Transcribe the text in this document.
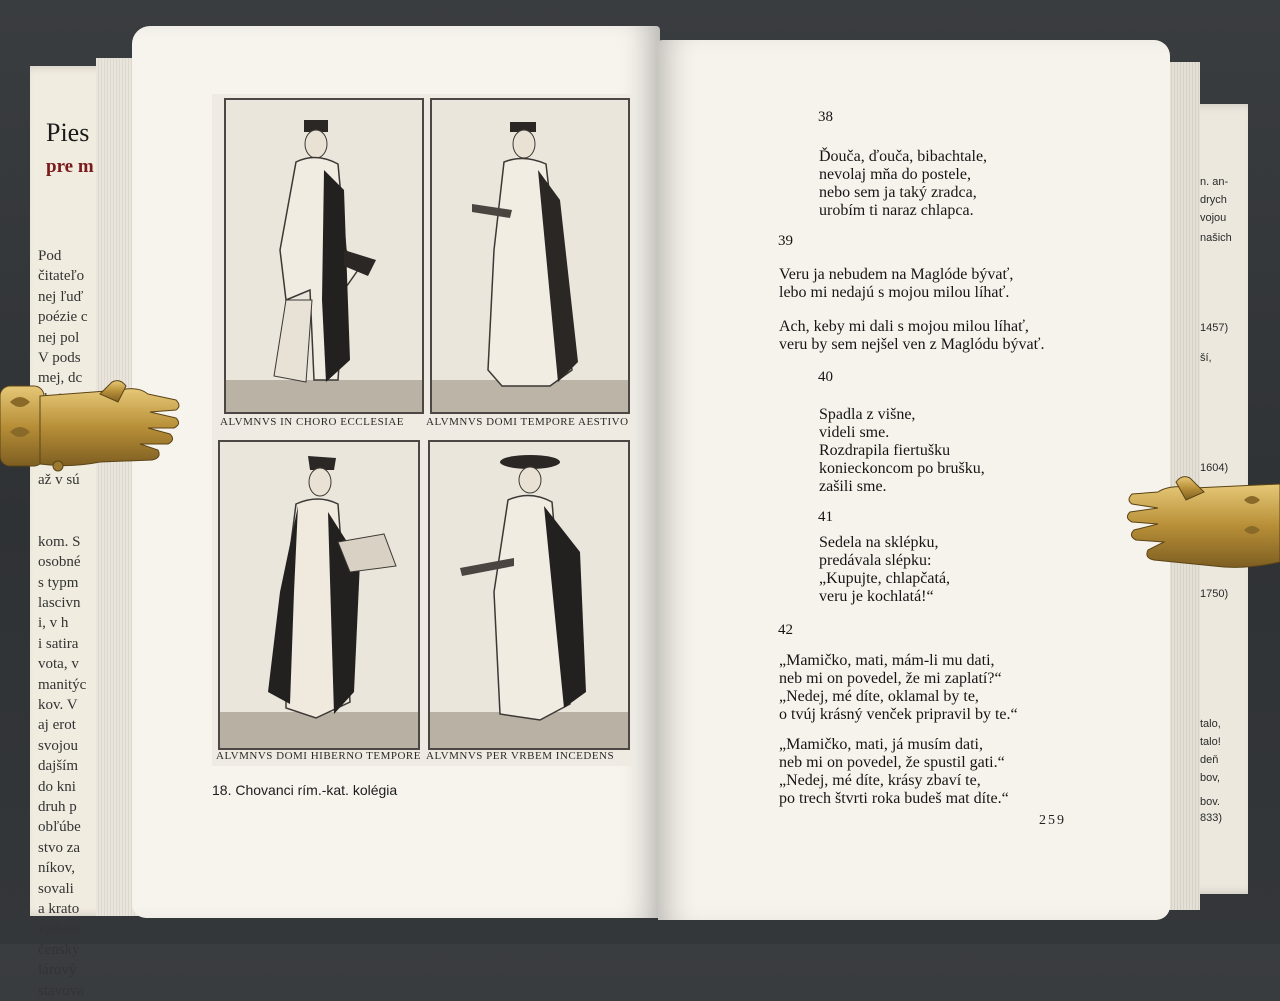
Pies
pre m
Pod
čitateľo
nej ľuď
poézie c
nej pol
V pods
mej, dc
až v sú

kom. S
osobné
s typm
lascivn
i, v h
i satira
vota, v
manitýc
kov. V
aj erot
svojou
dajším
do kni
druh p
obľúbe
stvo za
níkov,
sovali
a krato
vzdelar
čenský
lárový
stavova
n. an-
drych
vojou
našich
1457)
ší,
1604)
1750)
talo,
talo!
deň
bov,
bov.
833)
ALVMNVS IN CHORO ECCLESIAE	ALVMNVS DOMI TEMPORE AESTIVO
ALVMNVS DOMI HIBERNO TEMPORE ALVMNVS PER VRBEM INCEDENS
18. Chovanci rím.-kat. kolégia
38
Ďouča, ďouča, bibachtale,
nevolaj mňa do postele,
nebo sem ja taký zradca,
urobím ti naraz chlapca.
39
Veru ja nebudem na Maglóde bývať,
lebo mi nedajú s mojou milou líhať.
Ach, keby mi dali s mojou milou líhať,
veru by sem nejšel ven z Maglódu bývať.
40
Spadla z višne,
videli sme.
Rozdrapila fiertušku
konieckoncom po brušku,
zašili sme.
41
Sedela na sklépku,
predávala slépku:
„Kupujte, chlapčatá,
veru je kochlatá!“
42
„Mamičko, mati, mám-li mu dati,
neb mi on povedel, že mi zaplatí?“
„Nedej, mé díte, oklamal by te,
o tvúj krásný venček pripravil by te.“
„Mamičko, mati, já musím dati,
neb mi on povedel, že spustil gati.“
„Nedej, mé díte, krásy zbaví te,
po trech štvrti roka budeš mat díte.“
259
